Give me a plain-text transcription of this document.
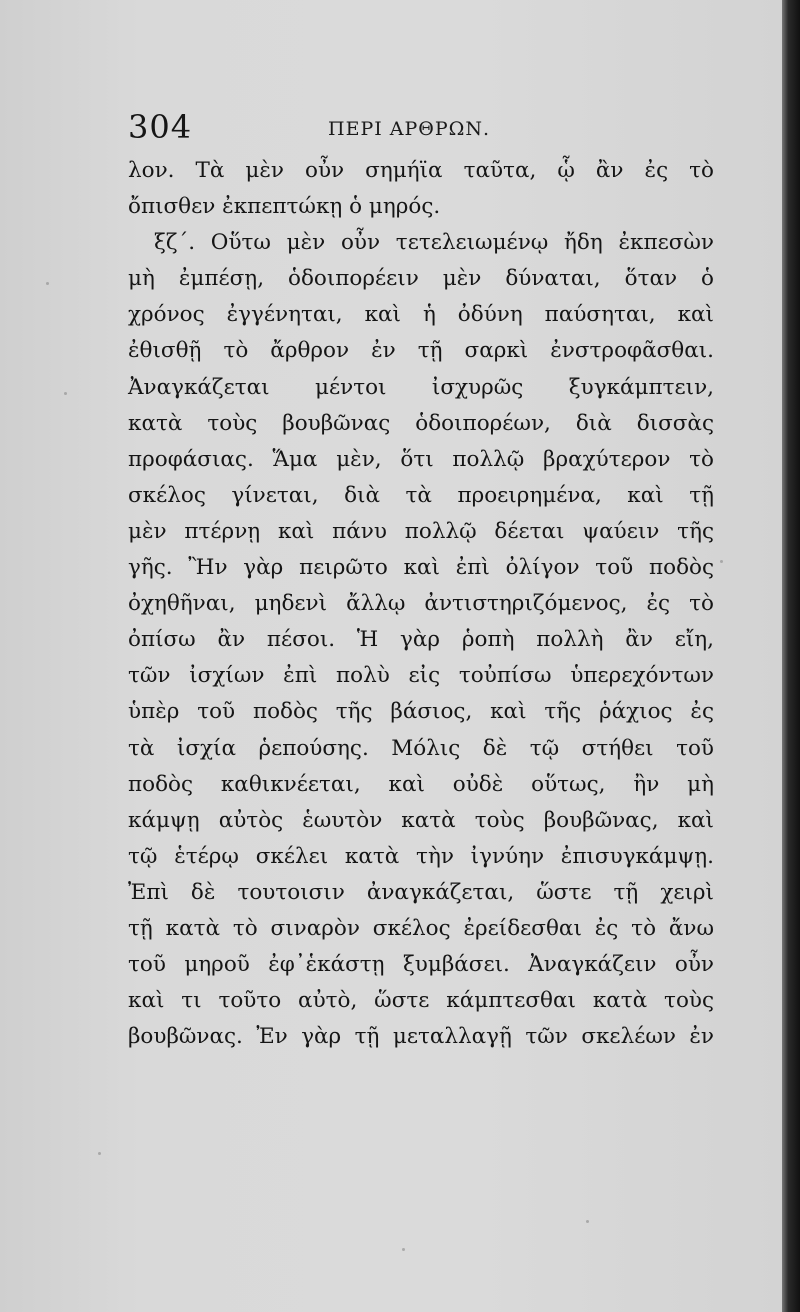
304	ΠΕΡΙ ΑΡΘΡΩΝ.
λον. Τὰ μὲν οὖν σημήϊα ταῦτα, ᾧ ἂν ἐς τὸ
ὄπισθεν ἐκπεπτώκῃ ὁ μηρός.
ξζ΄. Οὕτω μὲν οὖν τετελειωμένῳ ἤδη ἐκπεσὼν
μὴ ἐμπέσῃ, ὁδοιπορέειν μὲν δύναται, ὅταν ὁ
χρόνος ἐγγένηται, καὶ ἡ ὀδύνη παύσηται, καὶ
ἐθισθῇ τὸ ἄρθρον ἐν τῇ σαρκὶ ἐνστροφᾶσθαι.
Ἀναγκάζεται μέντοι ἰσχυρῶς ξυγκάμπτειν,
κατὰ τοὺς βουβῶνας ὁδοιπορέων, διὰ δισσὰς
προφάσιας. Ἅμα μὲν, ὅτι πολλῷ βραχύτερον τὸ
σκέλος γίνεται, διὰ τὰ προειρημένα, καὶ τῇ
μὲν πτέρνῃ καὶ πάνυ πολλῷ δέεται ψαύειν τῆς
γῆς. Ἢν γὰρ πειρῶτο καὶ ἐπὶ ὀλίγον τοῦ ποδὸς
ὀχηθῆναι, μηδενὶ ἄλλῳ ἀντιστηριζόμενος, ἐς τὸ
ὀπίσω ἂν πέσοι. Ἡ γὰρ ῥοπὴ πολλὴ ἂν εἴη,
τῶν ἰσχίων ἐπὶ πολὺ εἰς τοὐπίσω ὑπερεχόντων
ὑπὲρ τοῦ ποδὸς τῆς βάσιος, καὶ τῆς ῥάχιος ἐς
τὰ ἰσχία ῥεπούσης. Μόλις δὲ τῷ στήθει τοῦ
ποδὸς καθικνέεται, καὶ οὐδὲ οὕτως, ἢν μὴ
κάμψῃ αὐτὸς ἑωυτὸν κατὰ τοὺς βουβῶνας, καὶ
τῷ ἑτέρῳ σκέλει κατὰ τὴν ἰγνύην ἐπισυγκάμψῃ.
Ἐπὶ δὲ τουτοισιν ἀναγκάζεται, ὥστε τῇ χειρὶ
τῇ κατὰ τὸ σιναρὸν σκέλος ἐρείδεσθαι ἐς τὸ ἄνω
τοῦ μηροῦ ἐφ᾽ἑκάστῃ ξυμβάσει. Ἀναγκάζειν οὖν
καὶ τι τοῦτο αὐτὸ, ὥστε κάμπτεσθαι κατὰ τοὺς
βουβῶνας. Ἐν γὰρ τῇ μεταλλαγῇ τῶν σκελέων ἐν
